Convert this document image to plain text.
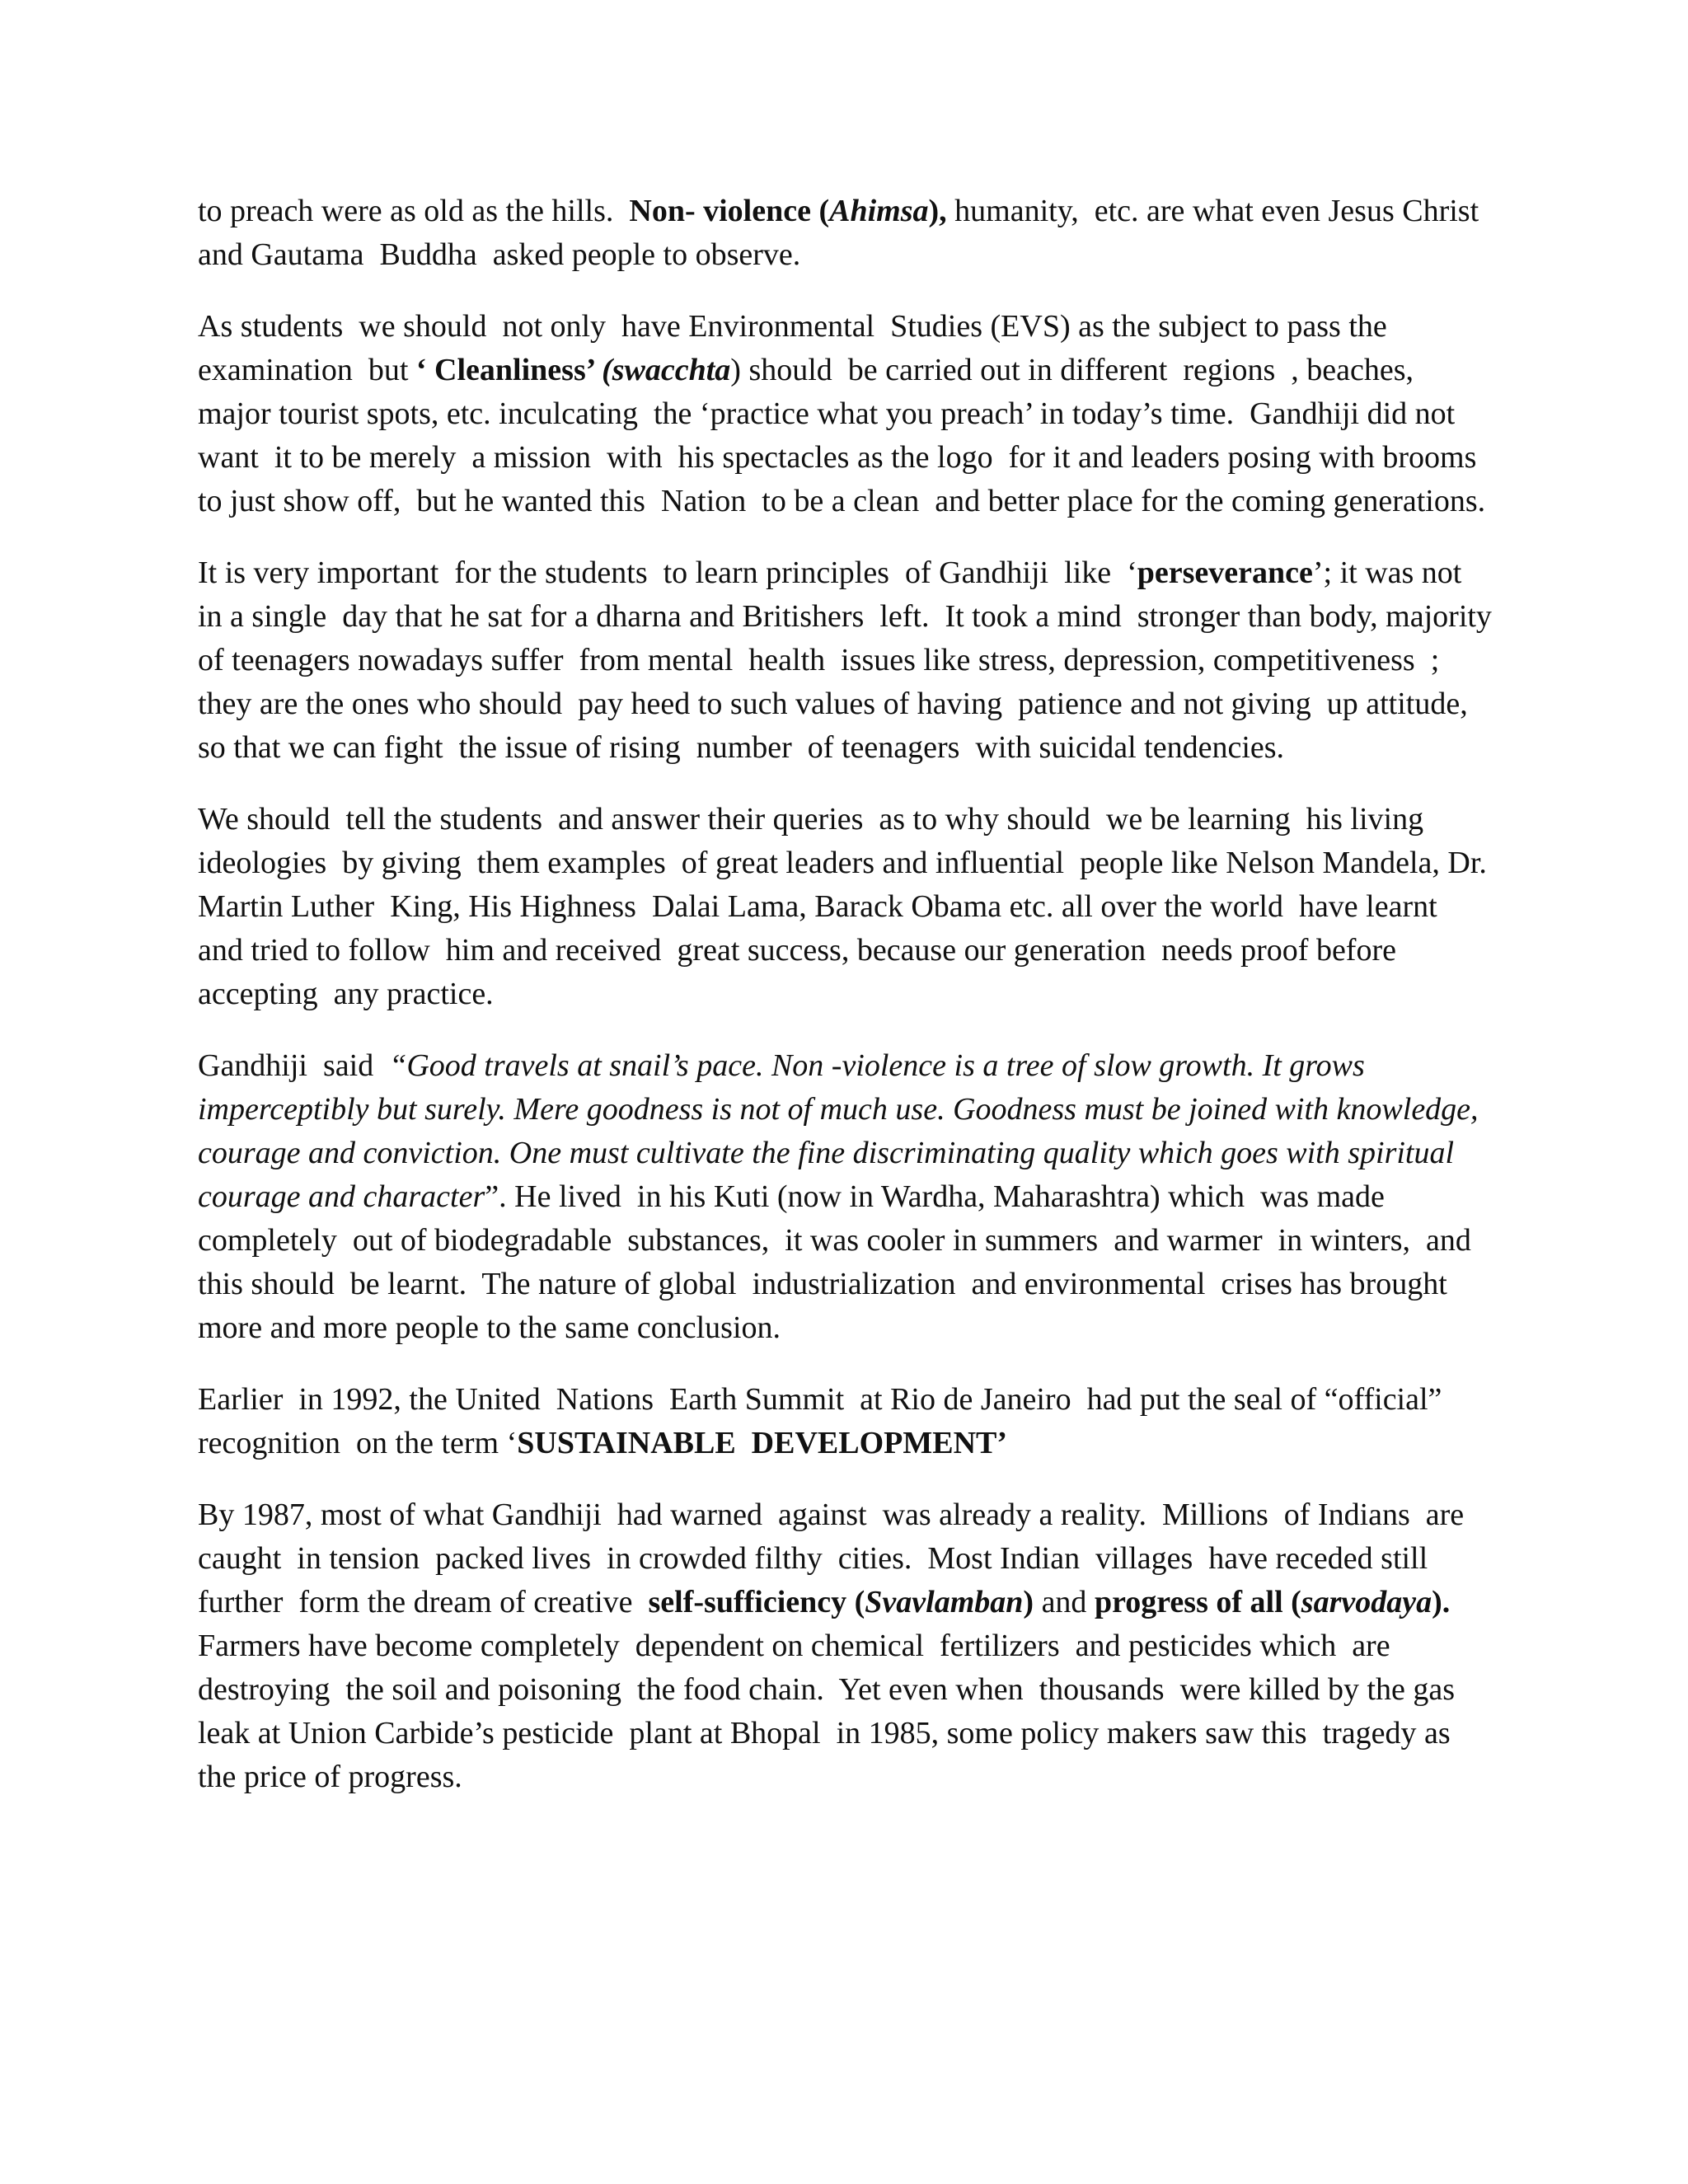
to preach were as old as the hills.  Non- violence (Ahimsa), humanity,  etc. are what even Jesus Christ and Gautama  Buddha  asked people to observe.

As students  we should  not only  have Environmental  Studies (EVS) as the subject to pass the examination  but ‘ Cleanliness’ (swacchta) should  be carried out in different  regions  , beaches, major tourist spots, etc. inculcating  the ‘practice what you preach’ in today’s time.  Gandhiji did not want  it to be merely  a mission  with  his spectacles as the logo  for it and leaders posing with brooms to just show off,  but he wanted this  Nation  to be a clean  and better place for the coming generations.

It is very important  for the students  to learn principles  of Gandhiji  like  ‘perseverance’; it was not in a single  day that he sat for a dharna and Britishers  left.  It took a mind  stronger than body, majority  of teenagers nowadays suffer  from mental  health  issues like stress, depression, competitiveness  ; they are the ones who should  pay heed to such values of having  patience and not giving  up attitude,  so that we can fight  the issue of rising  number  of teenagers  with suicidal tendencies.

We should  tell the students  and answer their queries  as to why should  we be learning  his living ideologies  by giving  them examples  of great leaders and influential  people like Nelson Mandela, Dr. Martin Luther  King, His Highness  Dalai Lama, Barack Obama etc. all over the world  have learnt  and tried to follow  him and received  great success, because our generation  needs proof before accepting  any practice.

Gandhiji  said  “Good travels at snail’s pace. Non -violence is a tree of slow growth. It grows imperceptibly but surely. Mere goodness is not of much use. Goodness must be joined with knowledge, courage and conviction. One must cultivate the fine discriminating quality which goes with spiritual courage and character”. He lived  in his Kuti (now in Wardha, Maharashtra) which  was made completely  out of biodegradable  substances,  it was cooler in summers  and warmer  in winters,  and this should  be learnt.  The nature of global  industrialization  and environmental  crises has brought  more and more people to the same conclusion.

Earlier  in 1992, the United  Nations  Earth Summit  at Rio de Janeiro  had put the seal of “official” recognition  on the term ‘SUSTAINABLE  DEVELOPMENT’

By 1987, most of what Gandhiji  had warned  against  was already a reality.  Millions  of Indians  are caught  in tension  packed lives  in crowded filthy  cities.  Most Indian  villages  have receded still further  form the dream of creative  self-sufficiency (Svavlamban) and progress of all (sarvodaya). Farmers have become completely  dependent on chemical  fertilizers  and pesticides which  are destroying  the soil and poisoning  the food chain.  Yet even when  thousands  were killed by the gas leak at Union Carbide’s pesticide  plant at Bhopal  in 1985, some policy makers saw this  tragedy as the price of progress.
